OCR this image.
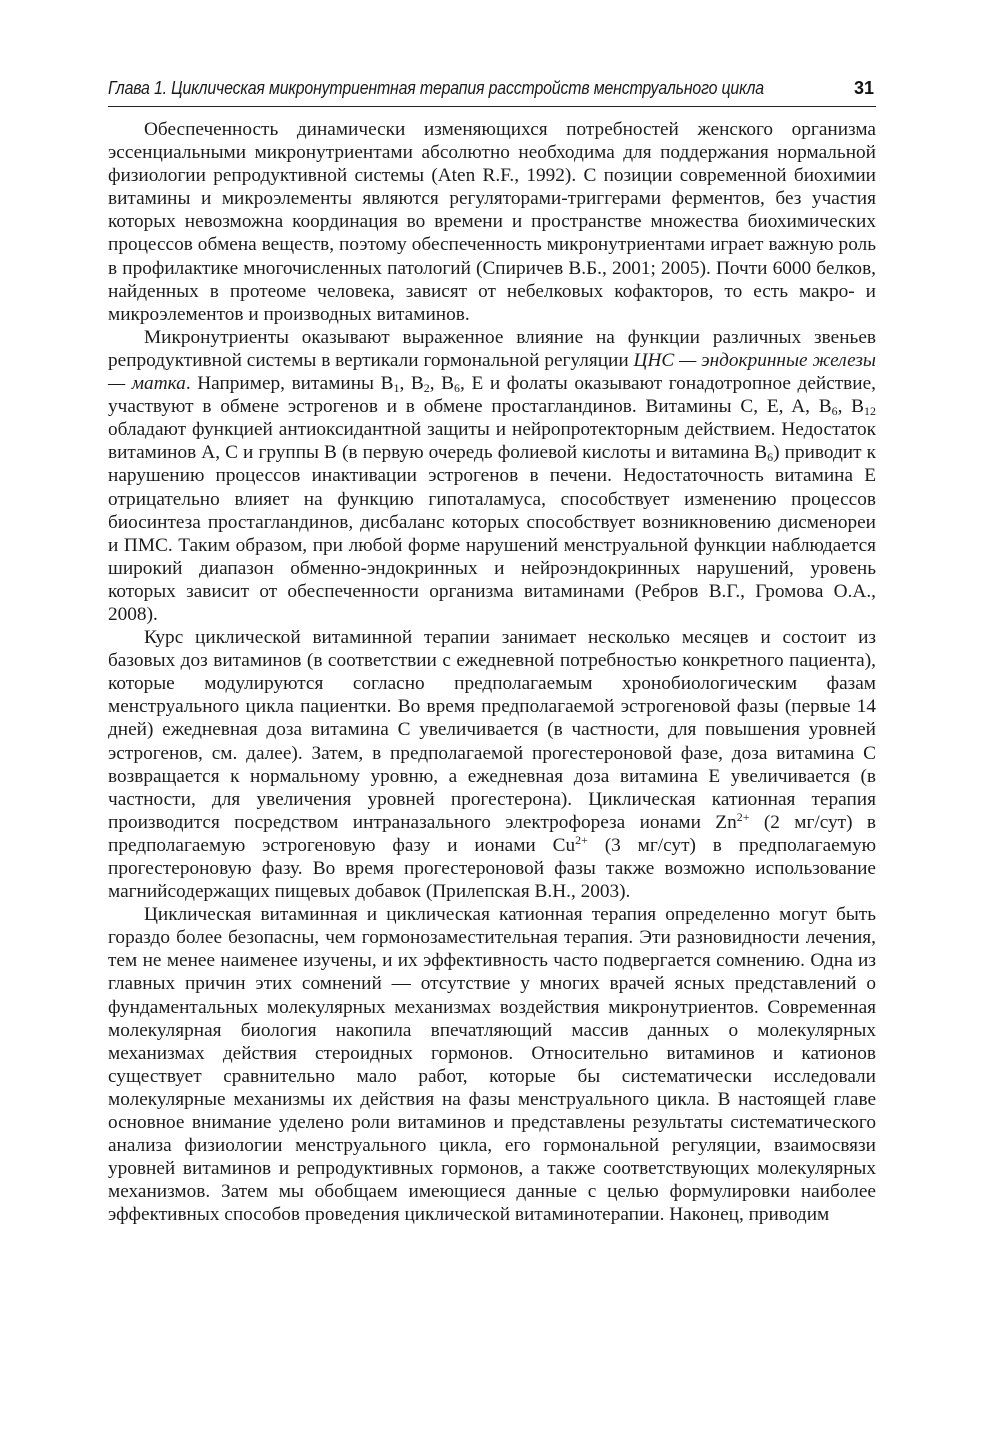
Глава 1. Циклическая микронутриентная терапия расстройств менструального цикла	31

Обеспеченность динамически изменяющихся потребностей женского организма эссенциальными микронутриентами абсолютно необходима для поддержания нормальной физиологии репродуктивной системы (Aten R.F., 1992). С позиции современной биохимии витамины и микроэлементы являются регуляторами-триггерами ферментов, без участия которых невозможна координация во времени и пространстве множества биохимических процессов обмена веществ, поэтому обеспеченность микронутриентами играет важную роль в профилактике многочисленных патологий (Спиричев В.Б., 2001; 2005). Почти 6000 белков, найденных в протеоме человека, зависят от небелковых кофакторов, то есть макро- и микроэлементов и производных витаминов.

Микронутриенты оказывают выраженное влияние на функции различных звеньев репродуктивной системы в вертикали гормональной регуляции ЦНС — эндокринные железы — матка. Например, витамины $B_1$, $B_2$, $B_6$, E и фолаты оказывают гонадотропное действие, участвуют в обмене эстрогенов и в обмене простагландинов. Витамины C, E, A, $B_6$, $B_{12}$ обладают функцией антиоксидантной защиты и нейропротекторным действием. Недостаток витаминов A, C и группы B (в первую очередь фолиевой кислоты и витамина $B_6$) приводит к нарушению процессов инактивации эстрогенов в печени. Недостаточность витамина E отрицательно влияет на функцию гипоталамуса, способствует изменению процессов биосинтеза простагландинов, дисбаланс которых способствует возникновению дисменореи и ПМС. Таким образом, при любой форме нарушений менструальной функции наблюдается широкий диапазон обменно-эндокринных и нейроэндокринных нарушений, уровень которых зависит от обеспеченности организма витаминами (Ребров В.Г., Громова О.А., 2008).

Курс циклической витаминной терапии занимает несколько месяцев и состоит из базовых доз витаминов (в соответствии с ежедневной потребностью конкретного пациента), которые модулируются согласно предполагаемым хронобиологическим фазам менструального цикла пациентки. Во время предполагаемой эстрогеновой фазы (первые 14 дней) ежедневная доза витамина C увеличивается (в частности, для повышения уровней эстрогенов, см. далее). Затем, в предполагаемой прогестероновой фазе, доза витамина C возвращается к нормальному уровню, а ежедневная доза витамина E увеличивается (в частности, для увеличения уровней прогестерона). Циклическая катионная терапия производится посредством интраназального электрофореза ионами $Zn^{2+}$ (2 мг/сут) в предполагаемую эстрогеновую фазу и ионами $Cu^{2+}$ (3 мг/сут) в предполагаемую прогестероновую фазу. Во время прогестероновой фазы также возможно использование магнийсодержащих пищевых добавок (Прилепская В.Н., 2003).

Циклическая витаминная и циклическая катионная терапия определенно могут быть гораздо более безопасны, чем гормонозаместительная терапия. Эти разновидности лечения, тем не менее наименее изучены, и их эффективность часто подвергается сомнению. Одна из главных причин этих сомнений — отсутствие у многих врачей ясных представлений о фундаментальных молекулярных механизмах воздействия микронутриентов. Современная молекулярная биология накопила впечатляющий массив данных о молекулярных механизмах действия стероидных гормонов. Относительно витаминов и катионов существует сравнительно мало работ, которые бы систематически исследовали молекулярные механизмы их действия на фазы менструального цикла. В настоящей главе основное внимание уделено роли витаминов и представлены результаты систематического анализа физиологии менструального цикла, его гормональной регуляции, взаимосвязи уровней витаминов и репродуктивных гормонов, а также соответствующих молекулярных механизмов. Затем мы обобщаем имеющиеся данные с целью формулировки наиболее эффективных способов проведения циклической витаминотерапии. Наконец, приводим
